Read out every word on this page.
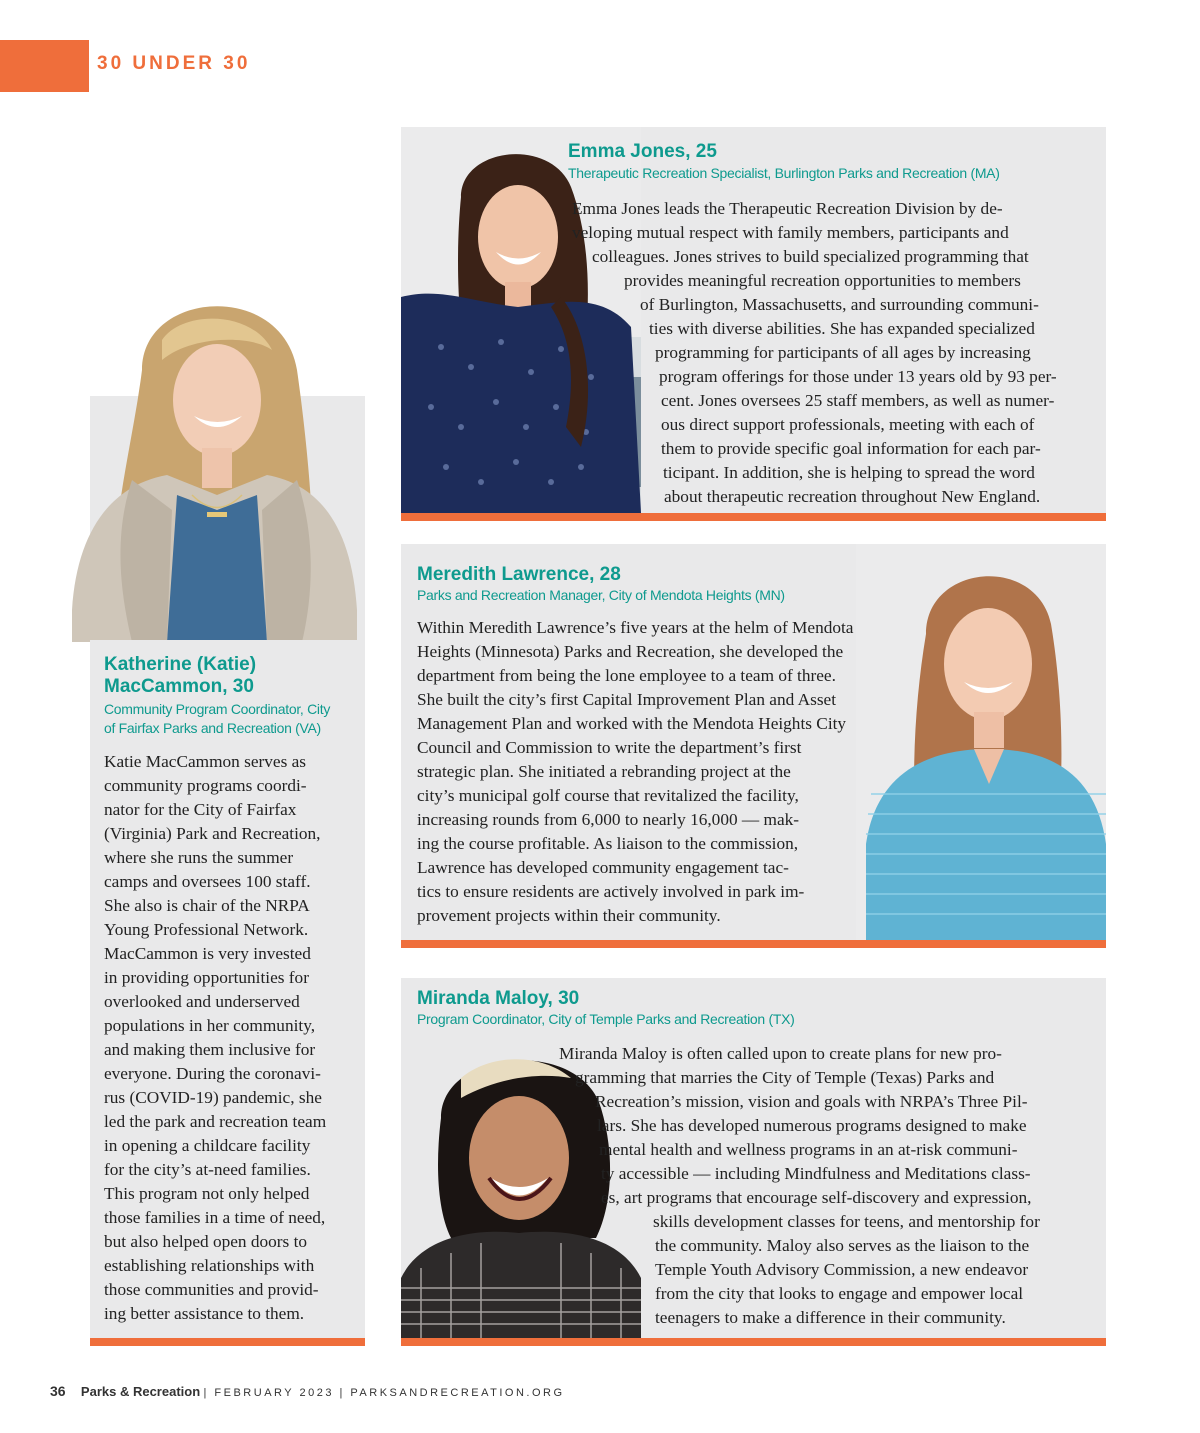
30 UNDER 30
Emma Jones, 25
Therapeutic Recreation Specialist, Burlington Parks and Recreation (MA)
Emma Jones leads the Therapeutic Recreation Division by de-
veloping mutual respect with family members, participants and
colleagues. Jones strives to build specialized programming that
provides meaningful recreation opportunities to members
of Burlington, Massachusetts, and surrounding communi-
ties with diverse abilities. She has expanded specialized
programming for participants of all ages by increasing
program offerings for those under 13 years old by 93 per-
cent. Jones oversees 25 staff members, as well as numer-
ous direct support professionals, meeting with each of
them to provide specific goal information for each par-
ticipant. In addition, she is helping to spread the word
about therapeutic recreation throughout New England.
Meredith Lawrence, 28
Parks and Recreation Manager, City of Mendota Heights (MN)
Within Meredith Lawrence’s five years at the helm of Mendota
Heights (Minnesota) Parks and Recreation, she developed the
department from being the lone employee to a team of three.
She built the city’s first Capital Improvement Plan and Asset
Management Plan and worked with the Mendota Heights City
Council and Commission to write the department’s first
strategic plan. She initiated a rebranding project at the
city’s municipal golf course that revitalized the facility,
increasing rounds from 6,000 to nearly 16,000 — mak-
ing the course profitable. As liaison to the commission,
Lawrence has developed community engagement tac-
tics to ensure residents are actively involved in park im-
provement projects within their community.
Miranda Maloy, 30
Program Coordinator, City of Temple Parks and Recreation (TX)
Miranda Maloy is often called upon to create plans for new pro-
gramming that marries the City of Temple (Texas) Parks and
Recreation’s mission, vision and goals with NRPA’s Three Pil-
lars. She has developed numerous programs designed to make
mental health and wellness programs in an at-risk communi-
ty accessible — including Mindfulness and Meditations class-
es, art programs that encourage self-discovery and expression,
skills development classes for teens, and mentorship for
the community. Maloy also serves as the liaison to the
Temple Youth Advisory Commission, a new endeavor
from the city that looks to engage and empower local
teenagers to make a difference in their community.
Katherine (Katie)
MacCammon, 30
Community Program Coordinator, City
of Fairfax Parks and Recreation (VA)
Katie MacCammon serves as
community programs coordi-
nator for the City of Fairfax
(Virginia) Park and Recreation,
where she runs the summer
camps and oversees 100 staff.
She also is chair of the NRPA
Young Professional Network.
MacCammon is very invested
in providing opportunities for
overlooked and underserved
populations in her community,
and making them inclusive for
everyone. During the coronavi-
rus (COVID-19) pandemic, she
led the park and recreation team
in opening a childcare facility
for the city’s at-need families.
This program not only helped
those families in a time of need,
but also helped open doors to
establishing relationships with
those communities and provid-
ing better assistance to them.
36 Parks & Recreation | FEBRUARY 2023 | PARKSANDRECREATION.ORG
